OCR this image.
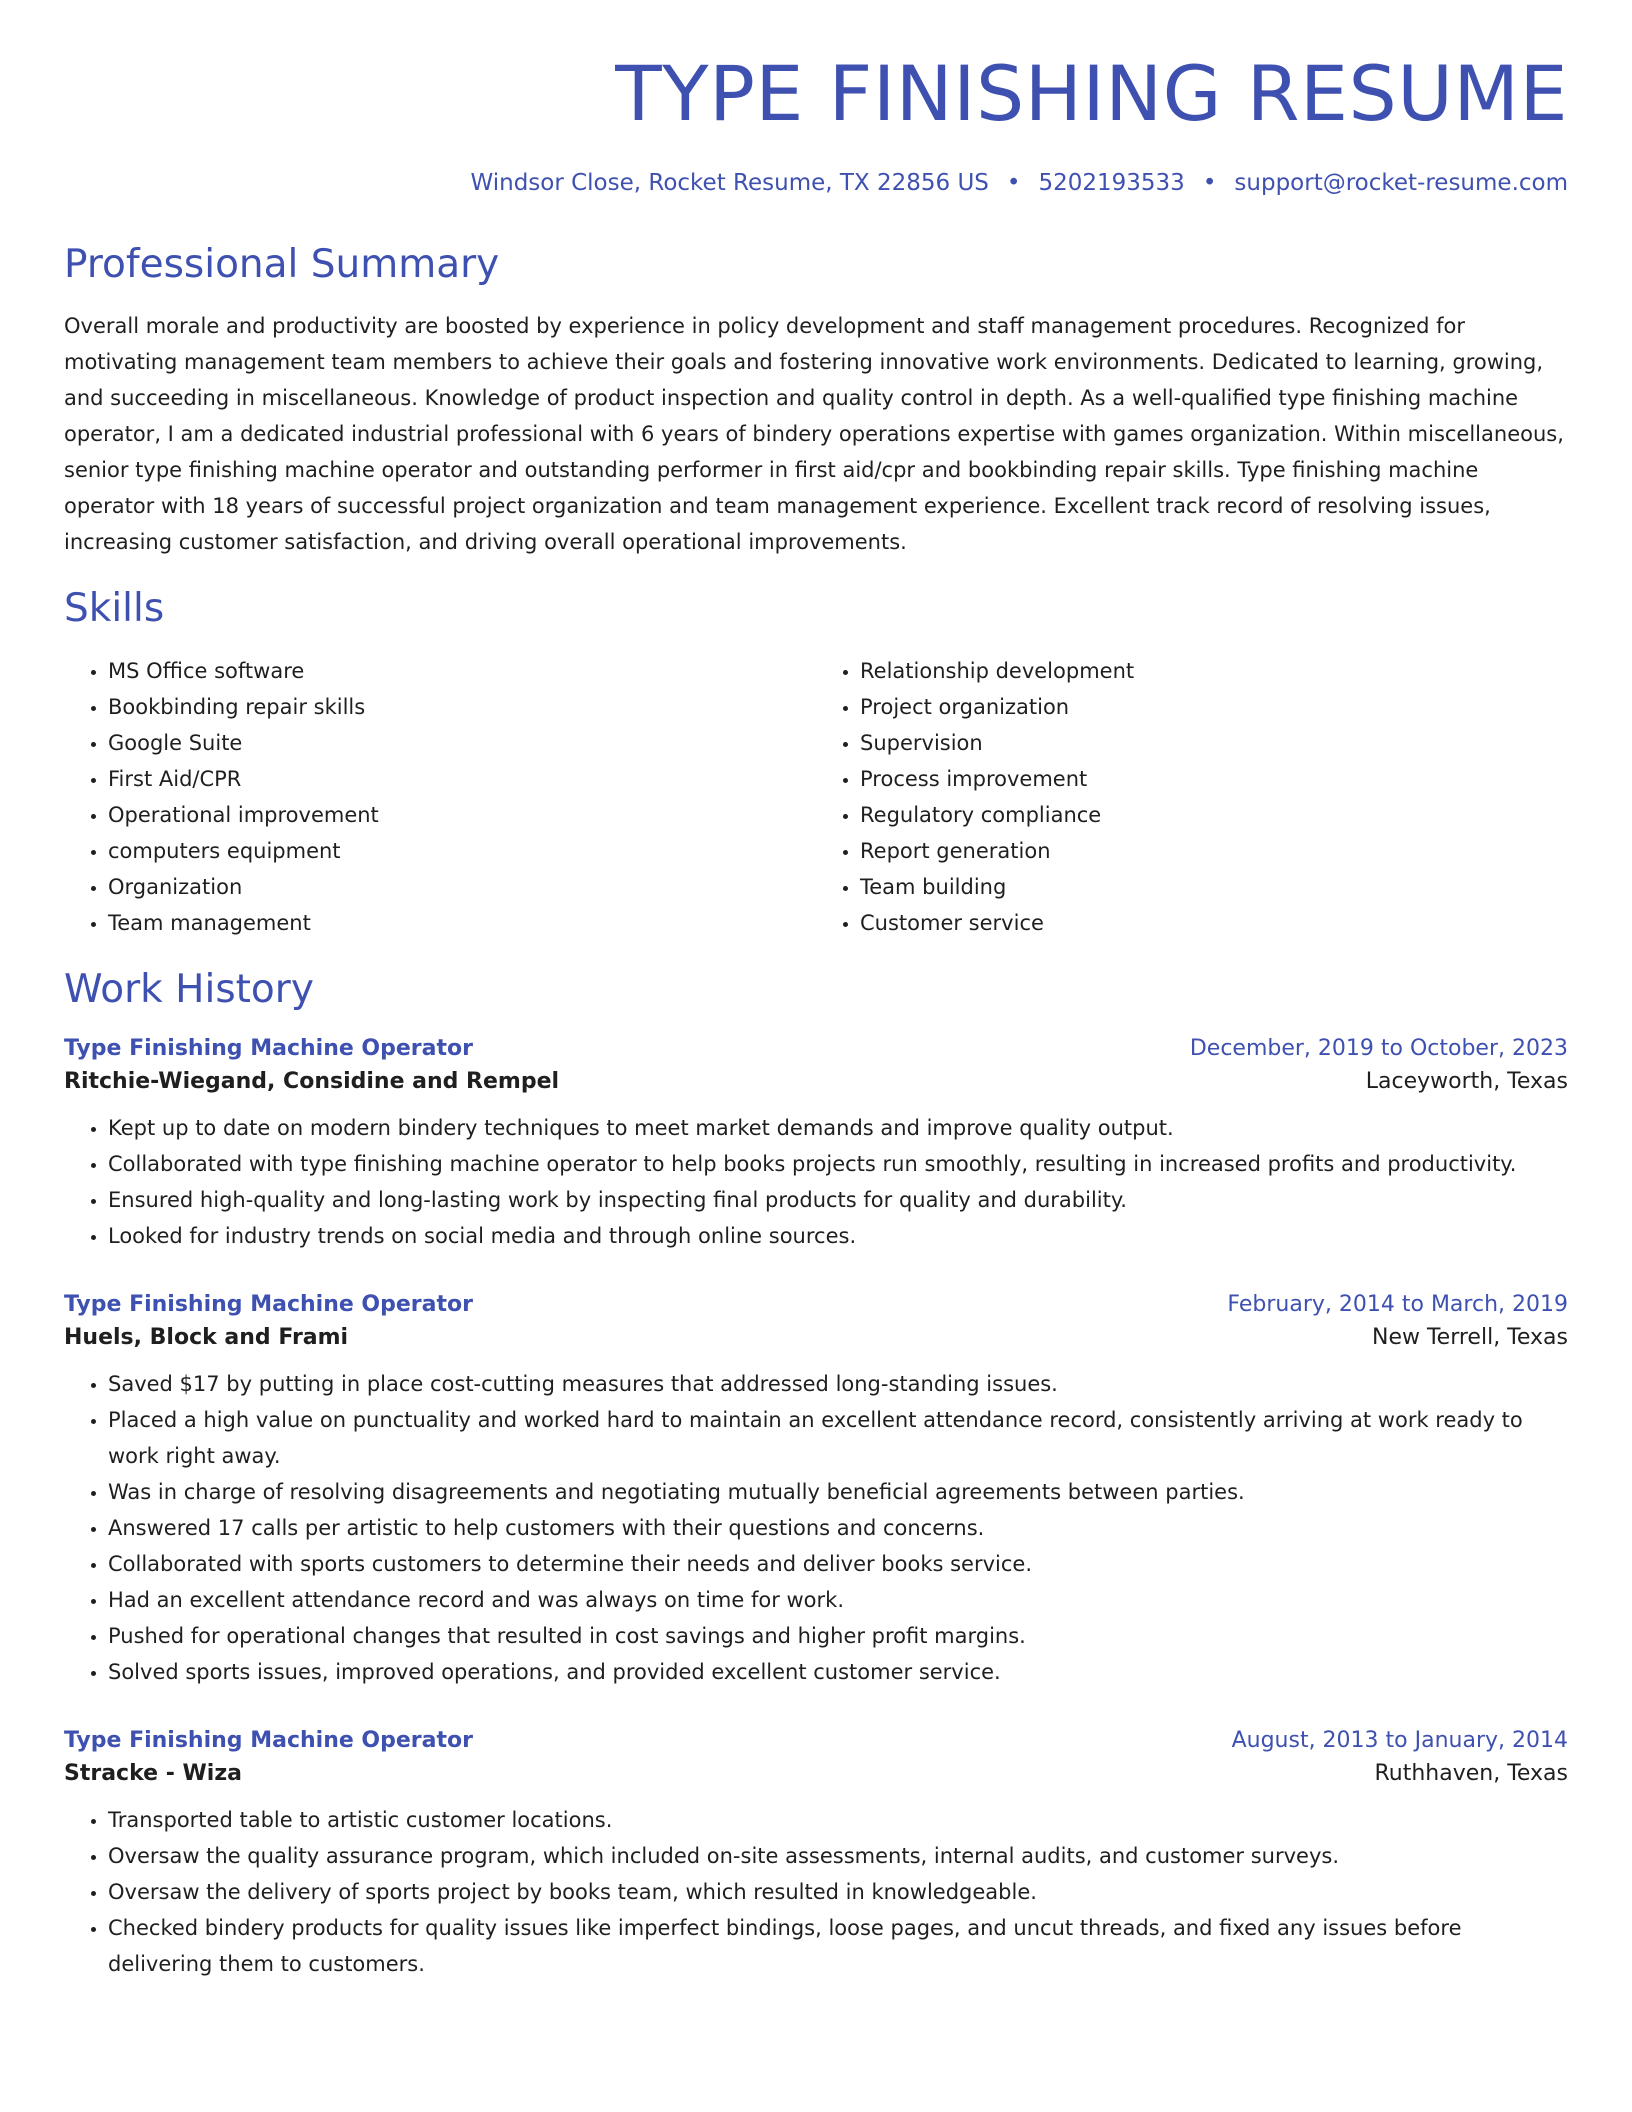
TYPE FINISHING RESUME
Windsor Close, Rocket Resume, TX 22856 US • 5202193533 • support@rocket-resume.com
Professional Summary

Overall morale and productivity are boosted by experience in policy development and staff management procedures. Recognized for motivating management team members to achieve their goals and fostering innovative work environments. Dedicated to learning, growing, and succeeding in miscellaneous. Knowledge of product inspection and quality control in depth. As a well-qualified type finishing machine operator, I am a dedicated industrial professional with 6 years of bindery operations expertise with games organization. Within miscellaneous, senior type finishing machine operator and outstanding performer in first aid/cpr and bookbinding repair skills. Type finishing machine operator with 18 years of successful project organization and team management experience. Excellent track record of resolving issues, increasing customer satisfaction, and driving overall operational improvements.

Skills
• MS Office software
• Bookbinding repair skills
• Google Suite
• First Aid/CPR
• Operational improvement
• computers equipment
• Organization
• Team management
• Relationship development
• Project organization
• Supervision
• Process improvement
• Regulatory compliance
• Report generation
• Team building
• Customer service
Work History
Type Finishing Machine Operator	December, 2019 to October, 2023
Ritchie-Wiegand, Considine and Rempel	Laceyworth, Texas
• Kept up to date on modern bindery techniques to meet market demands and improve quality output.
• Collaborated with type finishing machine operator to help books projects run smoothly, resulting in increased profits and productivity.
• Ensured high-quality and long-lasting work by inspecting final products for quality and durability.
• Looked for industry trends on social media and through online sources.
Type Finishing Machine Operator	February, 2014 to March, 2019
Huels, Block and Frami	New Terrell, Texas
• Saved $17 by putting in place cost-cutting measures that addressed long-standing issues.
• Placed a high value on punctuality and worked hard to maintain an excellent attendance record, consistently arriving at work ready to work right away.
• Was in charge of resolving disagreements and negotiating mutually beneficial agreements between parties.
• Answered 17 calls per artistic to help customers with their questions and concerns.
• Collaborated with sports customers to determine their needs and deliver books service.
• Had an excellent attendance record and was always on time for work.
• Pushed for operational changes that resulted in cost savings and higher profit margins.
• Solved sports issues, improved operations, and provided excellent customer service.
Type Finishing Machine Operator	August, 2013 to January, 2014
Stracke - Wiza	Ruthhaven, Texas
• Transported table to artistic customer locations.
• Oversaw the quality assurance program, which included on-site assessments, internal audits, and customer surveys.
• Oversaw the delivery of sports project by books team, which resulted in knowledgeable.
• Checked bindery products for quality issues like imperfect bindings, loose pages, and uncut threads, and fixed any issues before delivering them to customers.
